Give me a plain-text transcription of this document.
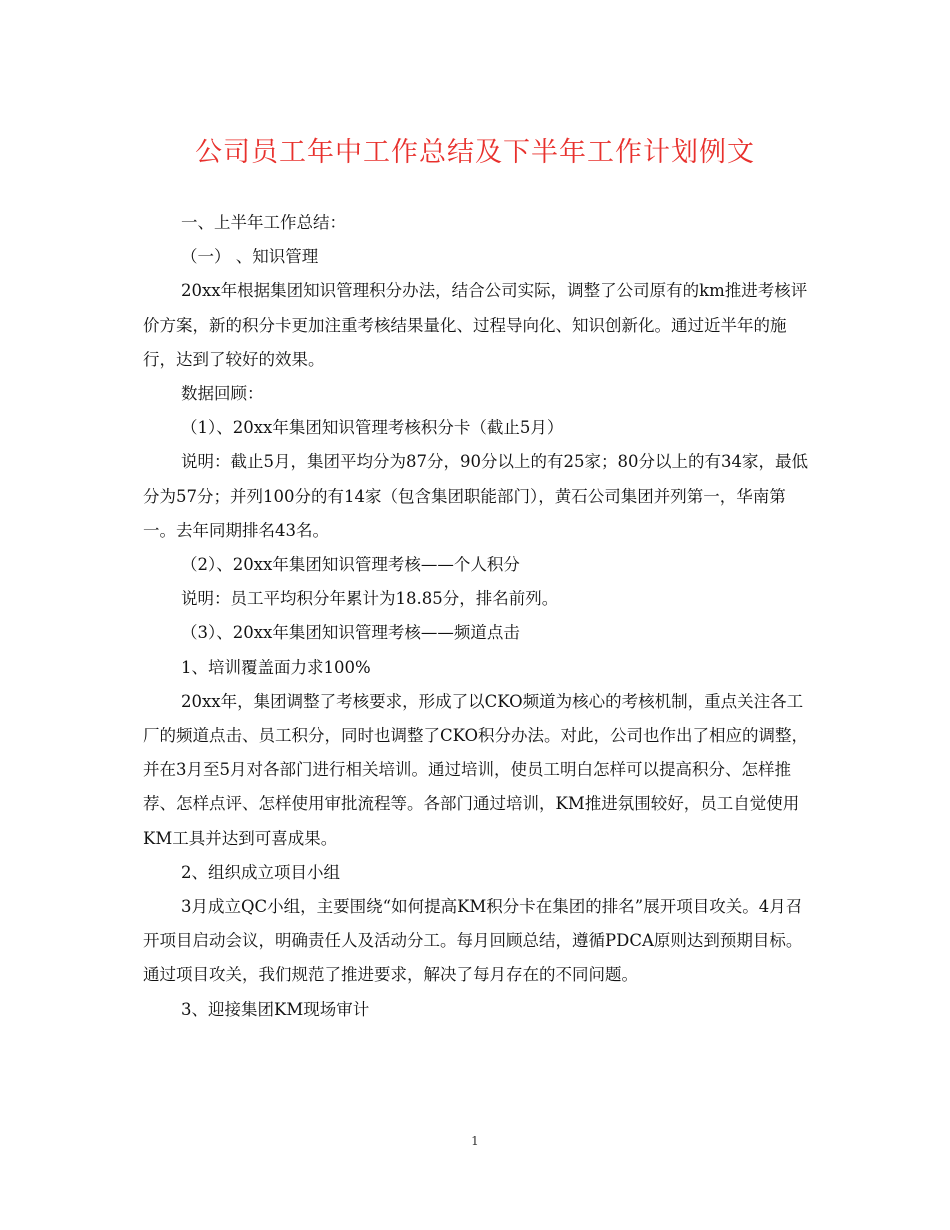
公司员工年中工作总结及下半年工作计划例文

一、上半年工作总结：

（一） 、知识管理

20xx年根据集团知识管理积分办法，结合公司实际，调整了公司原有的km推进考核评价方案，新的积分卡更加注重考核结果量化、过程导向化、知识创新化。通过近半年的施行，达到了较好的效果。

数据回顾：

（1）、20xx年集团知识管理考核积分卡（截止5月）

说明：截止5月，集团平均分为87分，90分以上的有25家；80分以上的有34家，最低分为57分；并列100分的有14家（包含集团职能部门），黄石公司集团并列第一，华南第一。去年同期排名43名。

（2）、20xx年集团知识管理考核——个人积分

说明：员工平均积分年累计为18.85分，排名前列。

（3）、20xx年集团知识管理考核——频道点击

1、培训覆盖面力求100%

20xx年，集团调整了考核要求，形成了以CKO频道为核心的考核机制，重点关注各工厂的频道点击、员工积分，同时也调整了CKO积分办法。对此，公司也作出了相应的调整，并在3月至5月对各部门进行相关培训。通过培训，使员工明白怎样可以提高积分、怎样推荐、怎样点评、怎样使用审批流程等。各部门通过培训，KM推进氛围较好，员工自觉使用KM工具并达到可喜成果。

2、组织成立项目小组

3月成立QC小组，主要围绕“如何提高KM积分卡在集团的排名”展开项目攻关。4月召开项目启动会议，明确责任人及活动分工。每月回顾总结，遵循PDCA原则达到预期目标。通过项目攻关，我们规范了推进要求，解决了每月存在的不同问题。

3、迎接集团KM现场审计

1
